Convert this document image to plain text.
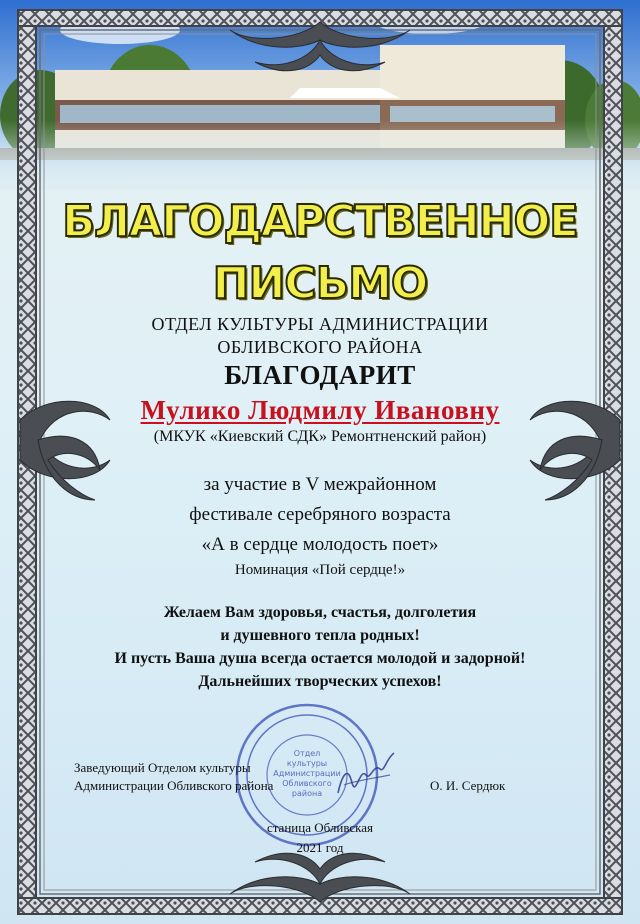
БЛАГОДАРСТВЕННОЕ
ПИСЬМО
ОТДЕЛ КУЛЬТУРЫ АДМИНИСТРАЦИИ
ОБЛИВСКОГО РАЙОНА
БЛАГОДАРИТ
Мулико Людмилу Ивановну
(МКУК «Киевский СДК» Ремонтненский район)
за участие в V межрайонном
фестивале серебряного возраста
«А в сердце молодость поет»
Номинация «Пой сердце!»
Желаем Вам здоровья, счастья, долголетия
и душевного тепла родных!
И пусть Ваша душа всегда остается молодой и задорной!
Дальнейших творческих успехов!
Отдел
культуры
Администрации
Обливского
района
Заведующий Отделом культуры
Администрации Обливского района	О. И. Сердюк
станица Обливская
2021 год
